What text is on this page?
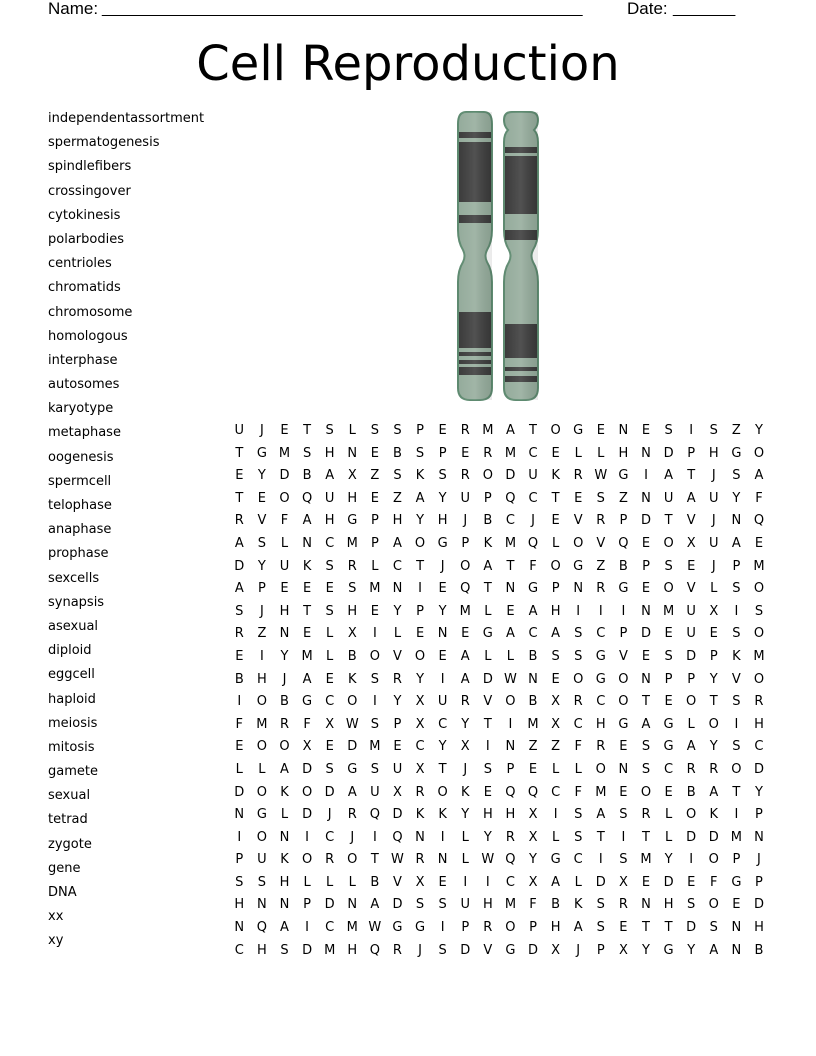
Name: ______________________________________________________	Date: _______
Cell Reproduction
independentassortment
spermatogenesis
spindlefibers
crossingover
cytokinesis
polarbodies
centrioles
chromatids
chromosome
homologous
interphase
autosomes
karyotype
metaphase
oogenesis
spermcell
telophase
anaphase
prophase
sexcells
synapsis
asexual
diploid
eggcell
haploid
meiosis
mitosis
gamete
sexual
tetrad
zygote
gene
DNA
xx
xy
U	J	E	T	S	L	S	S	P	E	R M A	T	O G	E	N	E	S	I	S	Z	Y
T	G M S	H N	E	B	S	P	E	R M C	E	L	L	H N D	P	H G O
E	Y	D	B	A	X	Z	S	K	S	R O D U	K	R W G	I	A	T	J	S	A
T	E	O Q U H	E	Z	A	Y	U	P	Q C	T	E	S	Z	N U	A	U	Y	F
R	V	F	A	H G	P	H	Y	H	J	B	C	J	E	V	R	P	D	T	V	J	N Q
A	S	L	N	C M	P	A	O G	P	K M Q	L	O	V	Q	E	O	X	U	A	E
D	Y	U	K	S	R	L	C	T	J	O	A	T	F	O G	Z	B	P	S	E	J	P	M
A	P	E	E	E	S M N	I	E	Q	T	N G	P	N	R	G	E	O	V	L	S	O
S	J	H	T	S	H	E	Y	P	Y	M	L	E	A	H	I	I	I	N M U	X	I	S
R	Z	N	E	L	X	I	L	E	N	E	G	A	C	A	S	C	P	D	E	U	E	S	O
E	I	Y	M	L	B	O	V	O	E	A	L	L	B	S	S	G	V	E	S	D	P	K M
B	H	J	A	E	K	S	R	Y	I	A	D W N	E	O G O N	P	P	Y	V	O
I	O	B	G	C O	I	Y	X	U	R	V	O	B	X	R	C O	T	E	O	T	S	R
F	M R	F	X W S	P	X	C	Y	T	I	M X	C	H G	A	G	L	O	I	H
E	O O	X	E	D M E	C	Y	X	I	N	Z	Z	F	R	E	S	G	A	Y	S	C
L	L	A	D	S	G	S	U	X	T	J	S	P	E	L	L	O N	S	C	R	R O D
D O	K	O D	A	U	X	R O	K	E	Q Q C	F	M E	O	E	B	A	T	Y
N G	L	D	J	R Q D	K	K	Y	H H	X	I	S	A	S	R	L	O	K	I	P
I	O N	I	C	J	I	Q N	I	L	Y	R	X	L	S	T	I	T	L	D D M N
P	U	K	O R O	T W R	N	L W Q	Y	G	C	I	S M	Y	I	O	P	J
S	S	H	L	L	L	B	V	X	E	I	I	C	X	A	L	D	X	E	D	E	F	G	P
H N N	P	D N	A	D	S	S	U H M	F	B	K	S	R	N H	S	O	E	D
N Q	A	I	C M W G G	I	P	R O	P	H	A	S	E	T	T	D	S	N H
C	H	S	D M H Q R	J	S	D	V	G D	X	J	P	X	Y	G	Y	A	N	B
